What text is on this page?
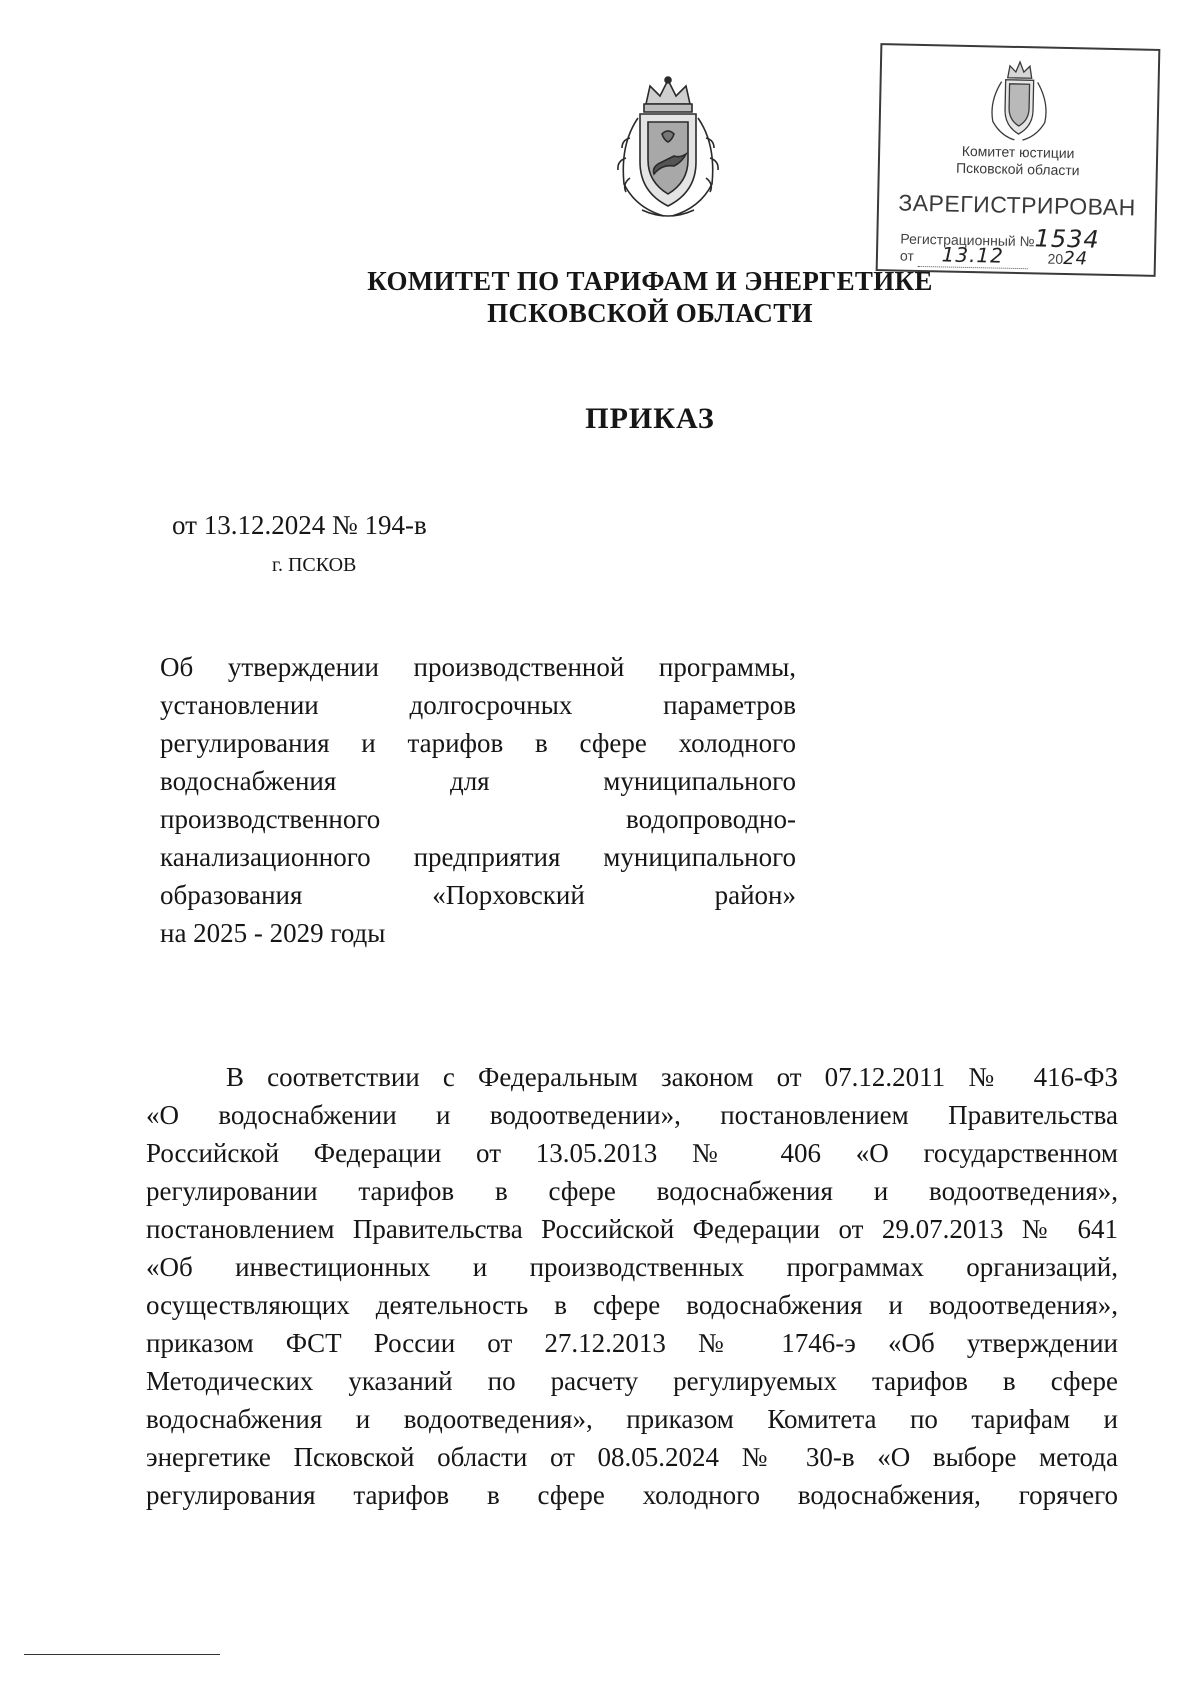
Комитет юстиции
Псковской области
ЗАРЕГИСТРИРОВАН
Регистрационный №1534
от 13.12	2024
КОМИТЕТ ПО ТАРИФАМ И ЭНЕРГЕТИКЕ
ПСКОВСКОЙ ОБЛАСТИ
ПРИКАЗ
от 13.12.2024 № 194-в
г. ПСКОВ
Об утверждении производственной программы,
установлении долгосрочных параметров
регулирования и тарифов в сфере холодного
водоснабжения для муниципального
производственного водопроводно-
канализационного предприятия муниципального
образования «Порховский район»
на 2025 - 2029 годы
В соответствии с Федеральным законом от 07.12.2011 № 416-ФЗ
«О водоснабжении и водоотведении», постановлением Правительства
Российской Федерации от 13.05.2013 № 406 «О государственном
регулировании тарифов в сфере водоснабжения и водоотведения»,
постановлением Правительства Российской Федерации от 29.07.2013 № 641
«Об инвестиционных и производственных программах организаций,
осуществляющих деятельность в сфере водоснабжения и водоотведения»,
приказом ФСТ России от 27.12.2013 № 1746-э «Об утверждении
Методических указаний по расчету регулируемых тарифов в сфере
водоснабжения и водоотведения», приказом Комитета по тарифам и
энергетике Псковской области от 08.05.2024 № 30-в «О выборе метода
регулирования тарифов в сфере холодного водоснабжения, горячего
